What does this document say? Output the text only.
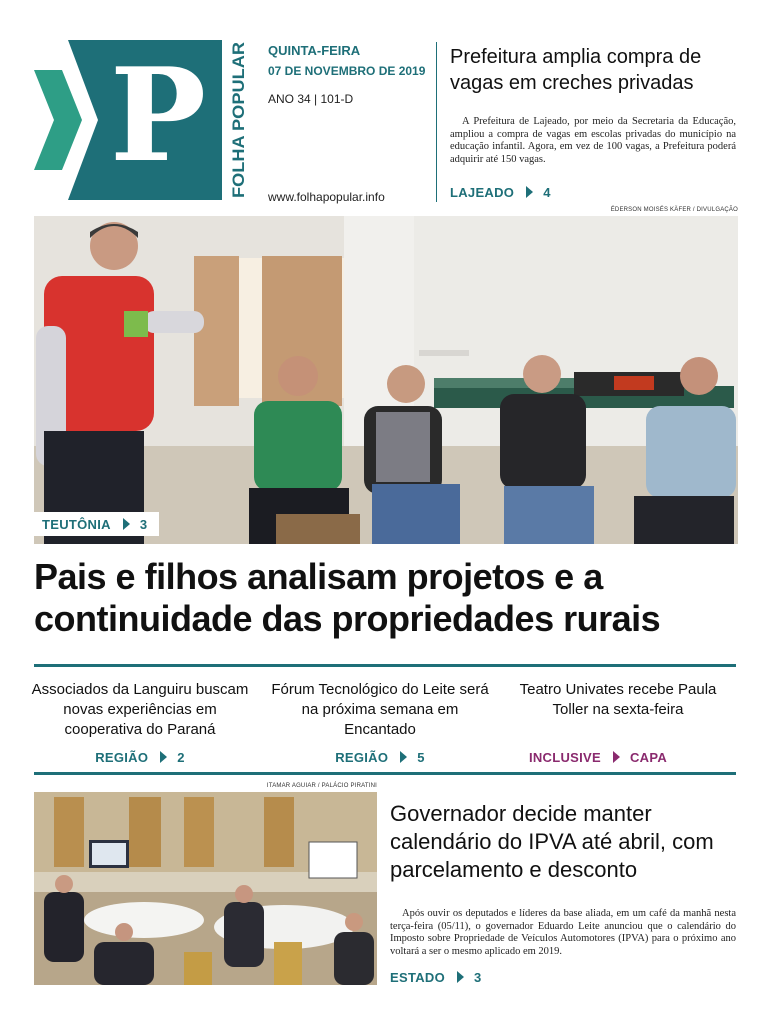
P FOLHA POPULAR
QUINTA-FEIRA
07 DE NOVEMBRO DE 2019
ANO 34 | 101-D
www.folhapopular.info
Prefeitura amplia compra de vagas em creches privadas
A Prefeitura de Lajeado, por meio da Secretaria da Educação, ampliou a compra de vagas em escolas privadas do município na educação infantil. Agora, em vez de 100 vagas, a Prefeitura poderá adquirir até 150 vagas.
LAJEADO 4
ÉDERSON MOISÉS KÄFER / DIVULGAÇÃO
TEUTÔNIA 3
Pais e filhos analisam projetos e a continuidade das propriedades rurais
Associados da Languiru buscam novas experiências em cooperativa do Paraná
Fórum Tecnológico do Leite será na próxima semana em Encantado
Teatro Univates recebe Paula Toller na sexta-feira
REGIÃO 2	REGIÃO 5	INCLUSIVE CAPA
ITAMAR AGUIAR / PALÁCIO PIRATINI
Governador decide manter calendário do IPVA até abril, com parcelamento e desconto
Após ouvir os deputados e líderes da base aliada, em um café da manhã nesta terça-feira (05/11), o governador Eduardo Leite anunciou que o calendário do Imposto sobre Propriedade de Veículos Automotores (IPVA) para o próximo ano voltará a ser o mesmo aplicado em 2019.
ESTADO 3
